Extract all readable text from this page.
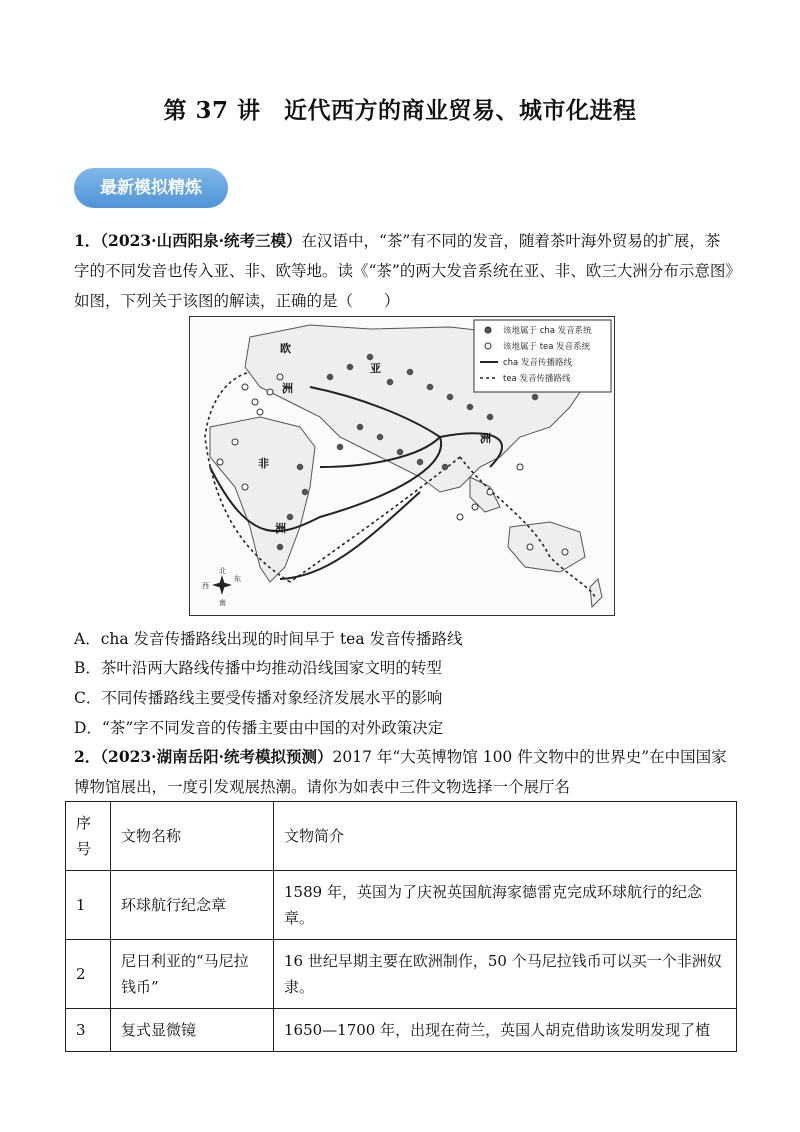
第 37 讲　近代西方的商业贸易、城市化进程
最新模拟精炼
1．（2023·山西阳泉·统考三模）在汉语中，“茶”有不同的发音，随着茶叶海外贸易的扩展，茶字的不同发音也传入亚、非、欧等地。读《“茶”的两大发音系统在亚、非、欧三大洲分布示意图》如图，下列关于该图的解读，正确的是（　　）
欧
洲
亚
洲
非
洲
该地属于 cha 发音系统
该地属于 tea 发音系统
cha 发音传播路线
tea 发音传播路线
北
南
东
西
A．cha 发音传播路线出现的时间早于 tea 发音传播路线
B．茶叶沿两大路线传播中均推动沿线国家文明的转型
C．不同传播路线主要受传播对象经济发展水平的影响
D．“茶”字不同发音的传播主要由中国的对外政策决定
2．（2023·湖南岳阳·统考模拟预测）2017 年“大英博物馆 100 件文物中的世界史”在中国国家博物馆展出，一度引发观展热潮。请你为如表中三件文物选择一个展厅名
序号	文物名称	文物简介
1	环球航行纪念章	1589 年，英国为了庆祝英国航海家德雷克完成环球航行的纪念章。
2	尼日利亚的“马尼拉钱币”	16 世纪早期主要在欧洲制作，50 个马尼拉钱币可以买一个非洲奴隶。
3	复式显微镜	1650—1700 年，出现在荷兰，英国人胡克借助该发明发现了植
